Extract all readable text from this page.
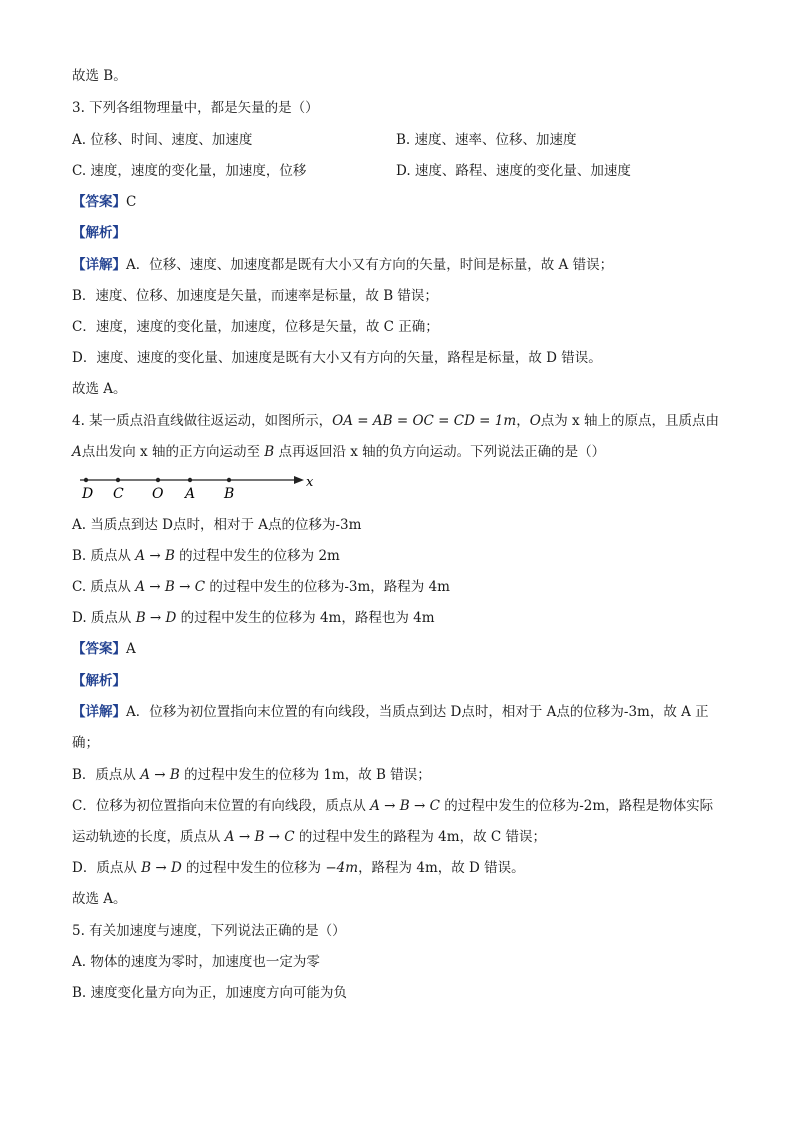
故选 B。
3. 下列各组物理量中，都是矢量的是（）
A. 位移、时间、速度、加速度	B. 速度、速率、位移、加速度
C. 速度，速度的变化量，加速度，位移	D. 速度、路程、速度的变化量、加速度
【答案】C
【解析】
【详解】A．位移、速度、加速度都是既有大小又有方向的矢量，时间是标量，故 A 错误；
B．速度、位移、加速度是矢量，而速率是标量，故 B 错误；
C．速度，速度的变化量，加速度，位移是矢量，故 C 正确；
D．速度、速度的变化量、加速度是既有大小又有方向的矢量，路程是标量，故 D 错误。
故选 A。
4. 某一质点沿直线做往返运动，如图所示，OA = AB = OC = CD = 1m，O点为 x 轴上的原点，且质点由
A点出发向 x 轴的正方向运动至 B 点再返回沿 x 轴的负方向运动。下列说法正确的是（）
D C O A B
x
A. 当质点到达 D点时，相对于 A点的位移为-3m
B. 质点从 A → B 的过程中发生的位移为 2m
C. 质点从 A → B → C 的过程中发生的位移为-3m，路程为 4m
D. 质点从 B → D 的过程中发生的位移为 4m，路程也为 4m
【答案】A
【解析】
【详解】A．位移为初位置指向末位置的有向线段，当质点到达 D点时，相对于 A点的位移为-3m，故 A 正
确；
B．质点从 A → B 的过程中发生的位移为 1m，故 B 错误；
C．位移为初位置指向末位置的有向线段，质点从 A → B → C 的过程中发生的位移为-2m，路程是物体实际
运动轨迹的长度，质点从 A → B → C 的过程中发生的路程为 4m，故 C 错误；
D．质点从 B → D 的过程中发生的位移为 −4m，路程为 4m，故 D 错误。
故选 A。
5. 有关加速度与速度，下列说法正确的是（）
A. 物体的速度为零时，加速度也一定为零
B. 速度变化量方向为正，加速度方向可能为负
